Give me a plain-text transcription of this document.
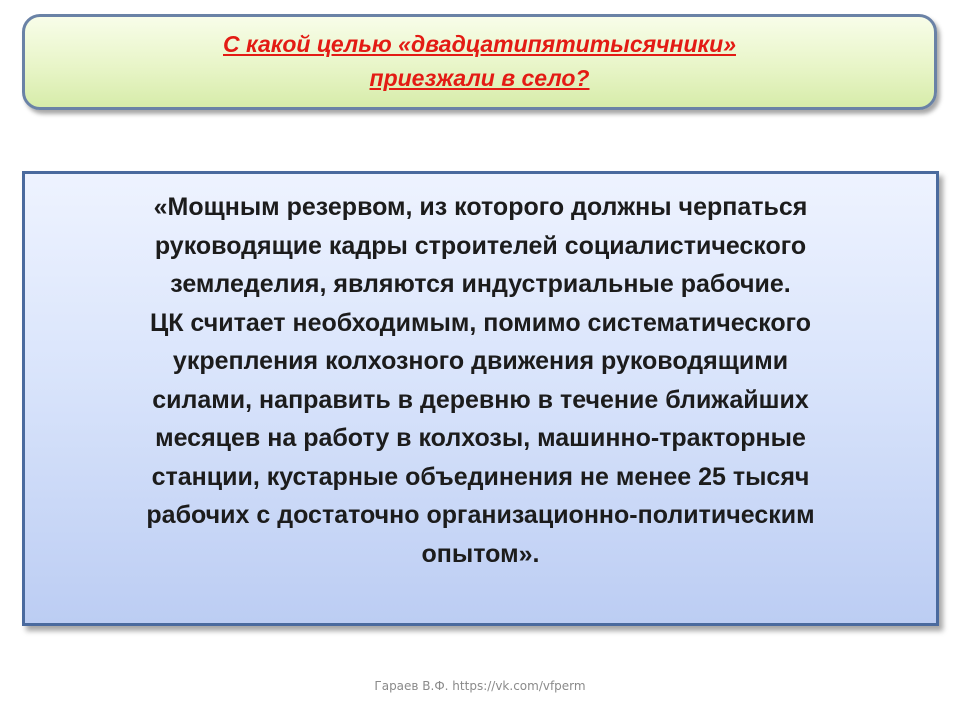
С какой целью «двадцатипятитысячники»
приезжали в село?
«Мощным резервом, из которого должны черпаться
руководящие кадры строителей социалистического
земледелия, являются индустриальные рабочие.
ЦК считает необходимым, помимо систематического
укрепления колхозного движения руководящими
силами, направить в деревню в течение ближайших
месяцев на работу в колхозы, машинно-тракторные
станции, кустарные объединения не менее 25 тысяч
рабочих с достаточно организационно-политическим
опытом».
Гараев В.Ф. https://vk.com/vfperm
